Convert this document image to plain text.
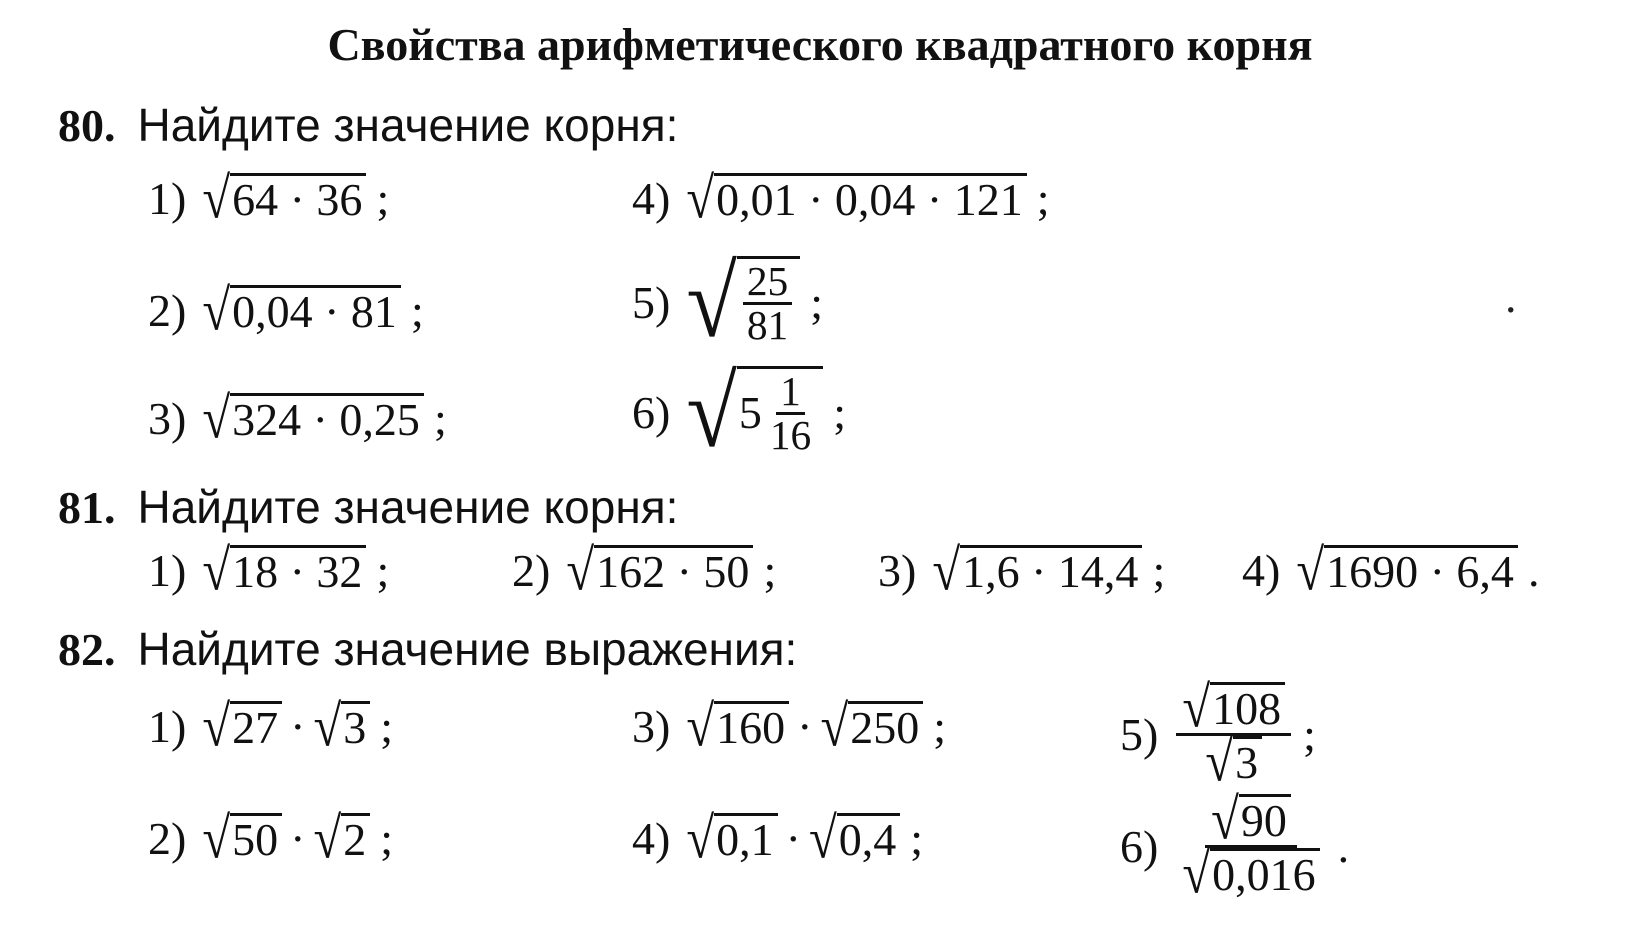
Свойства арифметического квадратного корня
80. Найдите значение корня:
1) √ 64 · 36 ;
2) √ 0,04 · 81 ;
3) √ 324 · 0,25 ;
4) √ 0,01 · 0,04 · 121 ;
5) √ $\frac{25}{81}$ ;
6) √ $5 \frac{1}{16}$ ;
.
81. Найдите значение корня:
1) √ 18 · 32 ;	2) √ 162 · 50 ; 3) √ 1,6 · 14,4 ; 4) √ 1690 · 6,4 .
82. Найдите значение выражения:
1) √ 27 · √ 3 ;
2) √ 50 · √ 2 ;
3) √ 160 · √ 250 ;
4) √ 0,1 · √ 0,4 ;
$5) \frac{√ 108}{√ 3}$ ;
$6) \frac{√ 90}{√ 0,016}$ .
